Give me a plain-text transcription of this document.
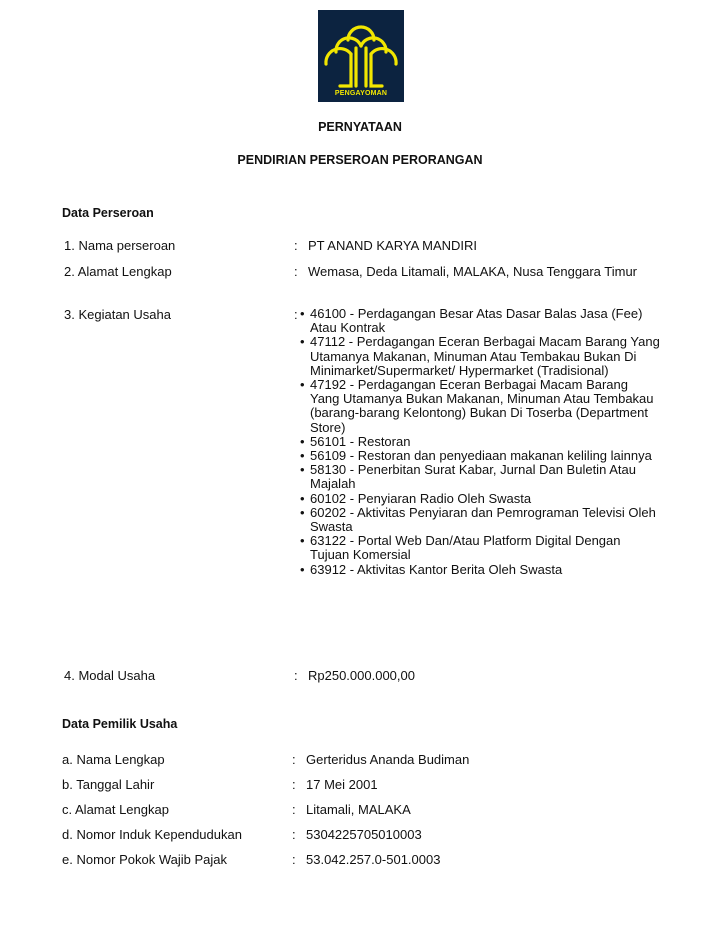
PENGAYOMAN
PERNYATAAN
PENDIRIAN PERSEROAN PERORANGAN
Data Perseroan
1. Nama perseroan	: PT ANAND KARYA MANDIRI
2. Alamat Lengkap	: Wemasa, Deda Litamali, MALAKA, Nusa Tenggara Timur
3. Kegiatan Usaha	: • 46100 - Perdagangan Besar Atas Dasar Balas Jasa (Fee) Atau Kontrak
• 47112 - Perdagangan Eceran Berbagai Macam Barang Yang Utamanya Makanan, Minuman Atau Tembakau Bukan Di Minimarket/Supermarket/ Hypermarket (Tradisional)
• 47192 - Perdagangan Eceran Berbagai Macam Barang Yang Utamanya Bukan Makanan, Minuman Atau Tembakau (barang-barang Kelontong) Bukan Di Toserba (Department Store)
• 56101 - Restoran
• 56109 - Restoran dan penyediaan makanan keliling lainnya
• 58130 - Penerbitan Surat Kabar, Jurnal Dan Buletin Atau Majalah
• 60102 - Penyiaran Radio Oleh Swasta
• 60202 - Aktivitas Penyiaran dan Pemrograman Televisi Oleh Swasta
• 63122 - Portal Web Dan/Atau Platform Digital Dengan Tujuan Komersial
• 63912 - Aktivitas Kantor Berita Oleh Swasta
4. Modal Usaha	: Rp250.000.000,00
Data Pemilik Usaha
a. Nama Lengkap	: Gerteridus Ananda Budiman
b. Tanggal Lahir	: 17 Mei 2001
c. Alamat Lengkap	: Litamali, MALAKA
d. Nomor Induk Kependudukan	: 5304225705010003
e. Nomor Pokok Wajib Pajak	: 53.042.257.0-501.0003
